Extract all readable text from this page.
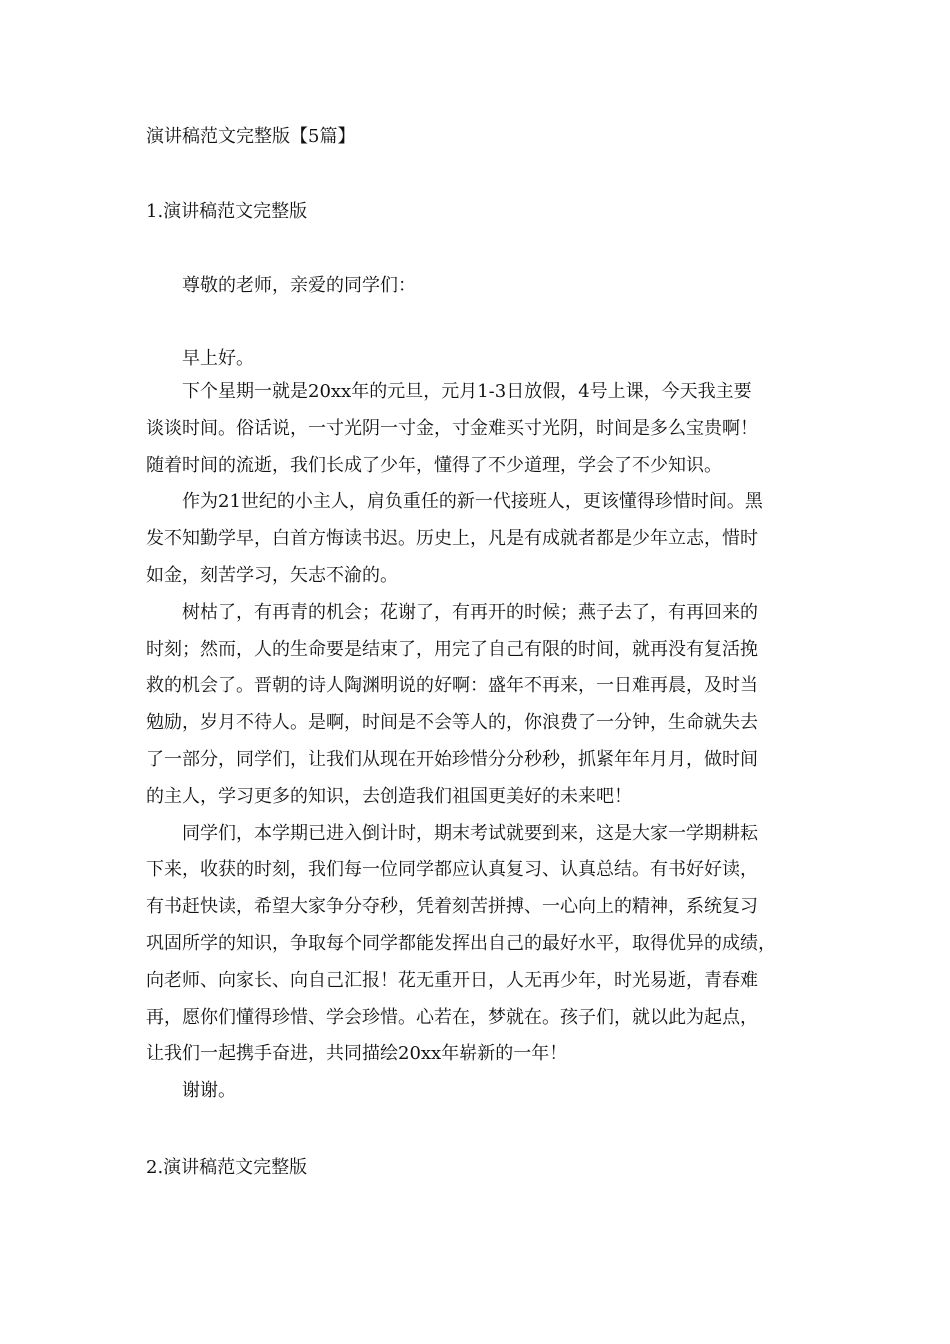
演讲稿范文完整版【5篇】
1.演讲稿范文完整版
尊敬的老师，亲爱的同学们：
早上好。
下个星期一就是20xx年的元旦，元月1-3日放假，4号上课，今天我主要
谈谈时间。俗话说，一寸光阴一寸金，寸金难买寸光阴，时间是多么宝贵啊！
随着时间的流逝，我们长成了少年，懂得了不少道理，学会了不少知识。
作为21世纪的小主人，肩负重任的新一代接班人，更该懂得珍惜时间。黑
发不知勤学早，白首方悔读书迟。历史上，凡是有成就者都是少年立志，惜时
如金，刻苦学习，矢志不渝的。
树枯了，有再青的机会；花谢了，有再开的时候；燕子去了，有再回来的
时刻；然而，人的生命要是结束了，用完了自己有限的时间，就再没有复活挽
救的机会了。晋朝的诗人陶渊明说的好啊：盛年不再来，一日难再晨，及时当
勉励，岁月不待人。是啊，时间是不会等人的，你浪费了一分钟，生命就失去
了一部分，同学们，让我们从现在开始珍惜分分秒秒，抓紧年年月月，做时间
的主人，学习更多的知识，去创造我们祖国更美好的未来吧！
同学们，本学期已进入倒计时，期末考试就要到来，这是大家一学期耕耘
下来，收获的时刻，我们每一位同学都应认真复习、认真总结。有书好好读，
有书赶快读，希望大家争分夺秒，凭着刻苦拼搏、一心向上的精神，系统复习
巩固所学的知识，争取每个同学都能发挥出自己的最好水平，取得优异的成绩，
向老师、向家长、向自己汇报！花无重开日，人无再少年，时光易逝，青春难
再，愿你们懂得珍惜、学会珍惜。心若在，梦就在。孩子们，就以此为起点，
让我们一起携手奋进，共同描绘20xx年崭新的一年！
谢谢。
2.演讲稿范文完整版
